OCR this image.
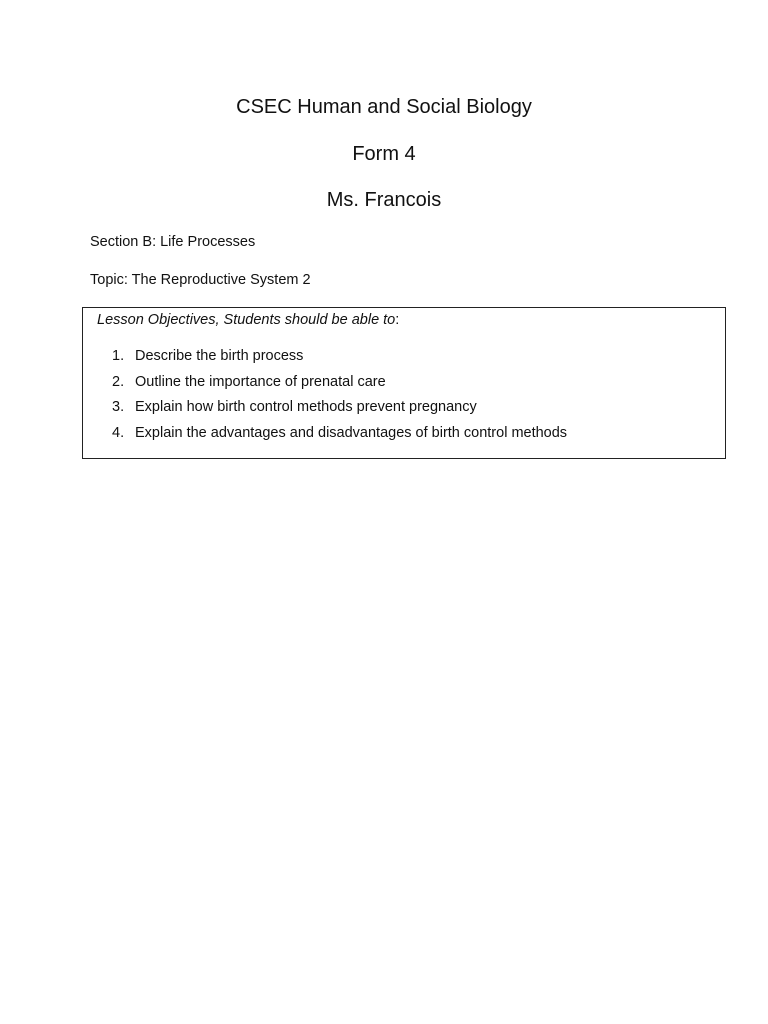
CSEC Human and Social Biology
Form 4
Ms. Francois
Section B: Life Processes
Topic: The Reproductive System 2
Lesson Objectives, Students should be able to:
1. Describe the birth process
2. Outline the importance of prenatal care
3. Explain how birth control methods prevent pregnancy
4. Explain the advantages and disadvantages of birth control methods
